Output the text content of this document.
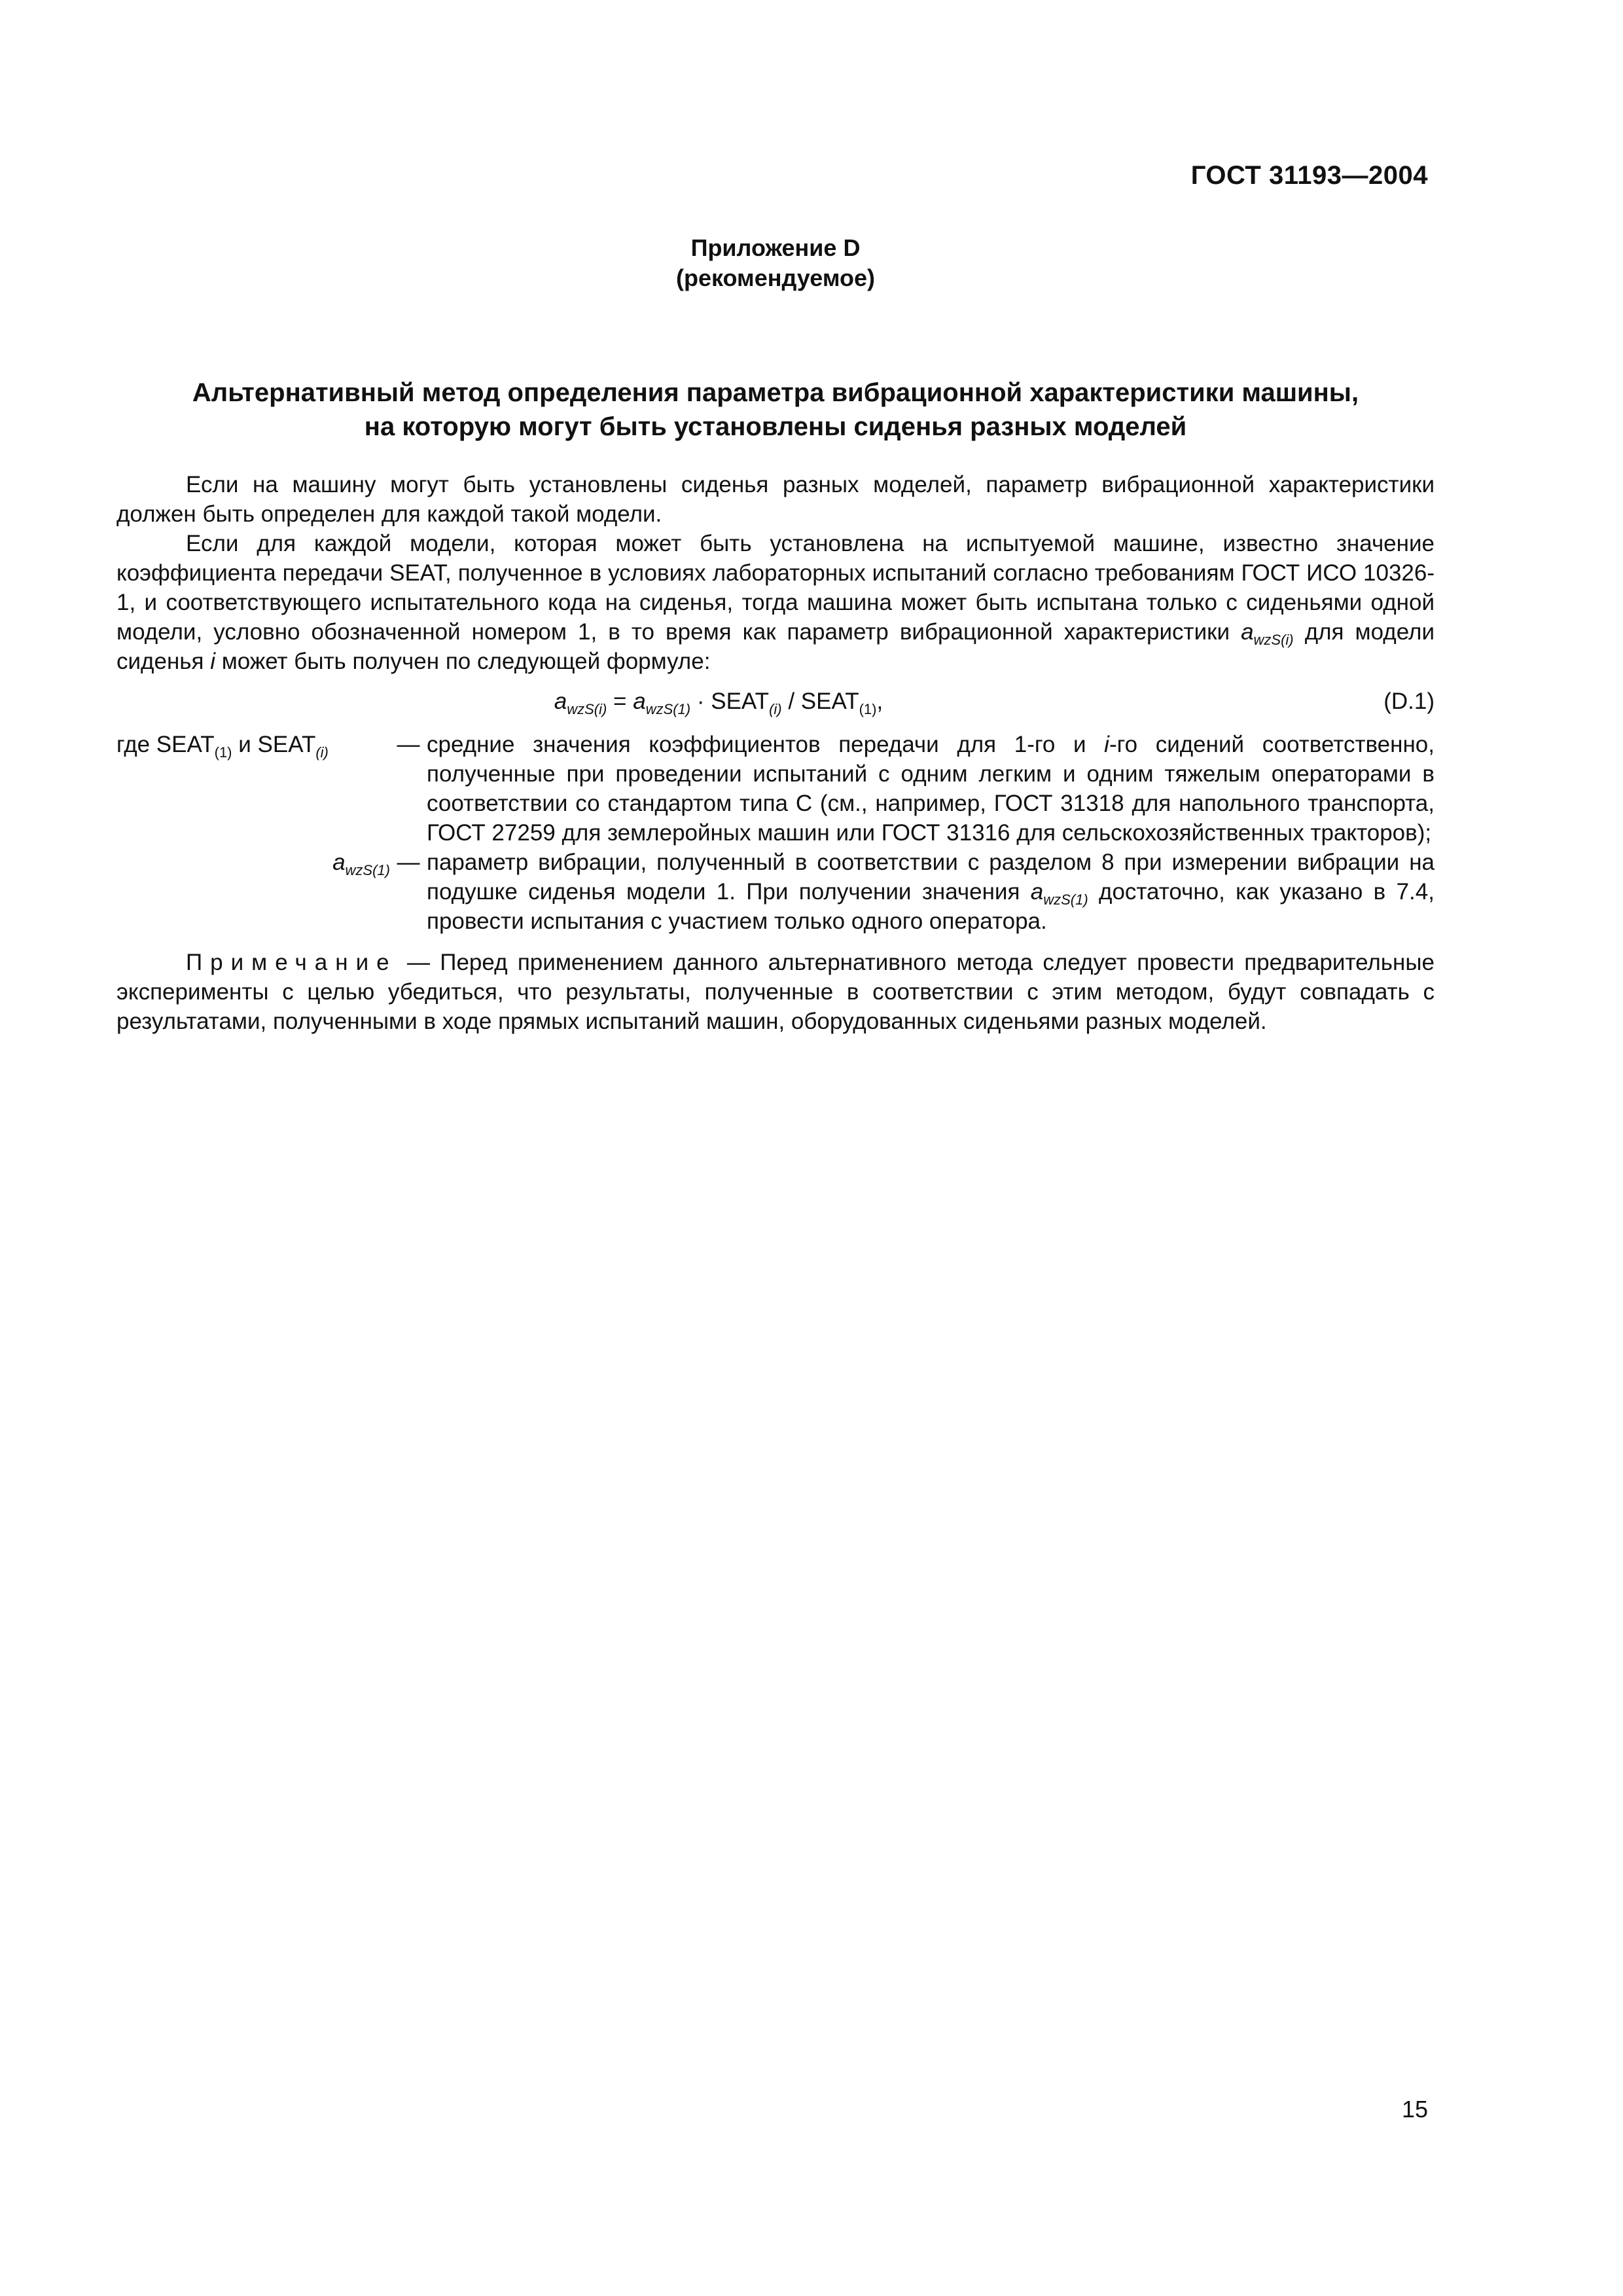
ГОСТ 31193—2004
Приложение D
(рекомендуемое)
Альтернативный метод определения параметра вибрационной характеристики машины,
на которую могут быть установлены сиденья разных моделей

Если на машину могут быть установлены сиденья разных моделей, параметр вибрационной характеристики должен быть определен для каждой такой модели.

Если для каждой модели, которая может быть установлена на испытуемой машине, известно значение коэффициента передачи SEAT, полученное в условиях лабораторных испытаний согласно требованиям ГОСТ ИСО 10326-1, и соответствующего испытательного кода на сиденья, тогда машина может быть испытана только с сиденьями одной модели, условно обозначенной номером 1, в то время как параметр вибрационной характеристики $a_{wzS(i)}$ для модели сиденья i может быть получен по следующей формуле:

$a_{wzS(i)} = a_{wzS(1)}$ · $SEAT_{(i)}$ / $SEAT_{(1)}$,	(D.1)
где $SEAT_{(1)}$ и $SEAT_{(i)}$	— средние значения коэффициентов передачи для 1-го и i-го сидений соответственно, полученные при проведении испытаний с одним легким и одним тяжелым операторами в соответствии со стандартом типа С (см., например, ГОСТ 31318 для напольного транспорта, ГОСТ 27259 для землеройных машин или ГОСТ 31316 для сельскохозяйственных тракторов);
$a_{wzS(1)}$ — параметр вибрации, полученный в соответствии с разделом 8 при измерении вибрации на подушке сиденья модели 1. При получении значения $a_{wzS(1)}$ достаточно, как указано в 7.4, провести испытания с участием только одного оператора.

Примечание — Перед применением данного альтернативного метода следует провести предварительные эксперименты с целью убедиться, что результаты, полученные в соответствии с этим методом, будут совпадать с результатами, полученными в ходе прямых испытаний машин, оборудованных сиденьями разных моделей.

15
